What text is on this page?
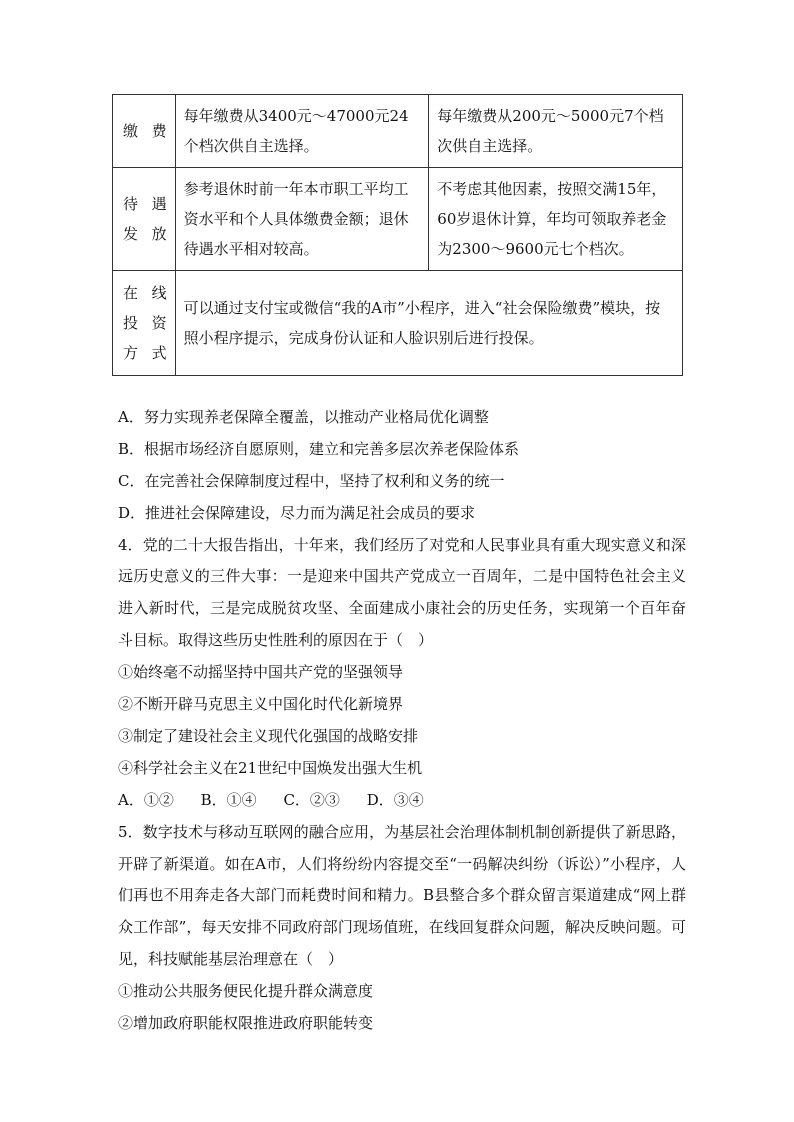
缴费	每年缴费从3400元～47000元24个档次供自主选择。	每年缴费从200元～5000元7个档次供自主选择。
待遇发放	参考退休时前一年本市职工平均工资水平和个人具体缴费金额；退休待遇水平相对较高。	不考虑其他因素，按照交满15年，60岁退休计算，年均可领取养老金为2300～9600元七个档次。
在线投资方式	可以通过支付宝或微信“我的A市”小程序，进入“社会保险缴费”模块，按照小程序提示，完成身份认证和人脸识别后进行投保。	
A．努力实现养老保障全覆盖，以推动产业格局优化调整
B．根据市场经济自愿原则，建立和完善多层次养老保险体系
C．在完善社会保障制度过程中，坚持了权利和义务的统一
D．推进社会保障建设，尽力而为满足社会成员的要求
4．党的二十大报告指出，十年来，我们经历了对党和人民事业具有重大现实意义和深远历史意义的三件大事：一是迎来中国共产党成立一百周年，二是中国特色社会主义进入新时代，三是完成脱贫攻坚、全面建成小康社会的历史任务，实现第一个百年奋斗目标。取得这些历史性胜利的原因在于（　）
①始终毫不动摇坚持中国共产党的坚强领导
②不断开辟马克思主义中国化时代化新境界
③制定了建设社会主义现代化强国的战略安排
④科学社会主义在21世纪中国焕发出强大生机
A．①② B．①④ C．②③ D．③④
5．数字技术与移动互联网的融合应用，为基层社会治理体制机制创新提供了新思路，开辟了新渠道。如在A市，人们将纷纷内容提交至“一码解决纠纷（诉讼）”小程序，人们再也不用奔走各大部门而耗费时间和精力。B县整合多个群众留言渠道建成“网上群众工作部”，每天安排不同政府部门现场值班，在线回复群众问题，解决反映问题。可见，科技赋能基层治理意在（　）
①推动公共服务便民化提升群众满意度
②增加政府职能权限推进政府职能转变
